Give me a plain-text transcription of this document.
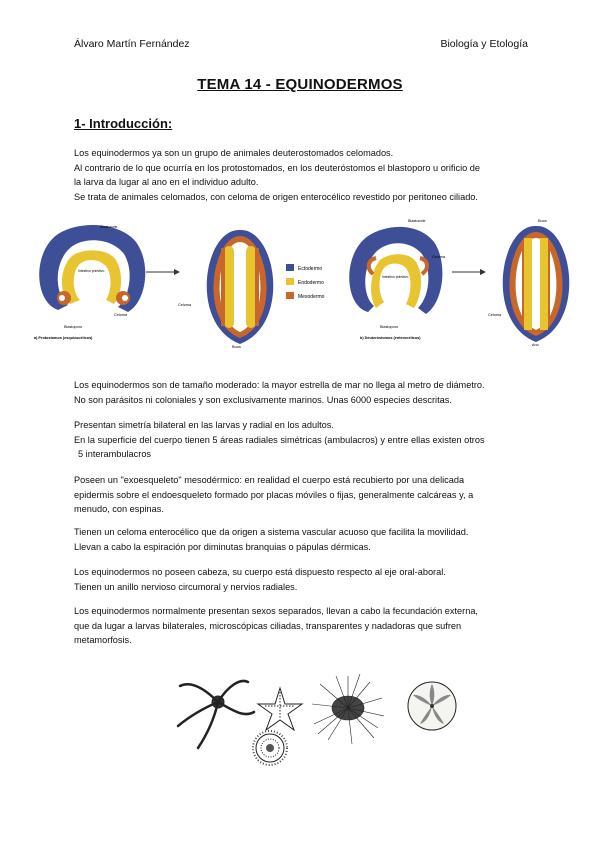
Álvaro Martín Fernández	Biología y Etología
TEMA 14 - EQUINODERMOS
1- Introducción:
Los equinodermos ya son un grupo de animales deuterostomados celomados.
Al contrario de lo que ocurría en los protostomados, en los deuteróstomos el blastoporo u orificio de
la larva da lugar al ano en el individuo adulto.
Se trata de animales celomados, con celoma de origen enterocélico revestido por peritoneo ciliado.
Blastocele
Intestino primitivo
Celoma
Blastoporo
a) Protostomos (esquizocélicos)
Celoma
Boca
Ectodermo
Endodermo
Mesodermo
Blastocele
Celoma
Intestino primitivo
Blastoporo
b) Deuteróstomos (enterocélicos)
Boca
Celoma
Ano
Los equinodermos son de tamaño moderado: la mayor estrella de mar no llega al metro de diámetro.
No son parásitos ni coloniales y son exclusivamente marinos. Unas 6000 especies descritas.
Presentan simetría bilateral en las larvas y radial en los adultos.
En la superficie del cuerpo tienen 5 áreas radiales simétricas (ambulacros) y entre ellas existen otros
5 interambulacros
Poseen un "exoesqueleto" mesodérmico: en realidad el cuerpo está recubierto por una delicada
epidermis sobre el endoesqueleto formado por placas móviles o fijas, generalmente calcáreas y, a
menudo, con espinas.
Tienen un celoma enterocélico que da origen a sistema vascular acuoso que facilita la movilidad.
Llevan a cabo la espiración por diminutas branquias o pápulas dérmicas.
Los equinodermos no poseen cabeza, su cuerpo está dispuesto respecto al eje oral-aboral.
Tienen un anillo nervioso circumoral y nervios radiales.
Los equinodermos normalmente presentan sexos separados, llevan a cabo la fecundación externa,
que da lugar a larvas bilaterales, microscópicas ciliadas, transparentes y nadadoras que sufren
metamorfosis.
